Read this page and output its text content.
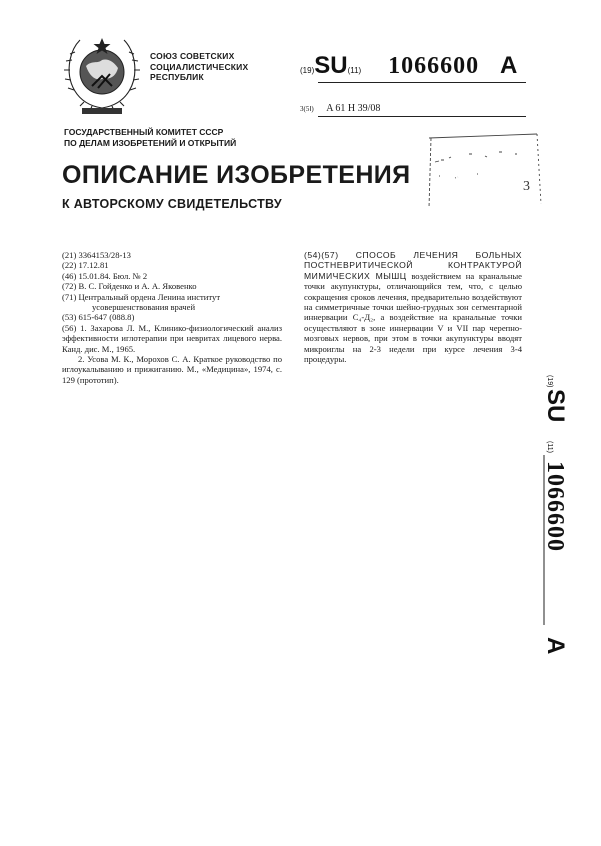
СОЮЗ СОВЕТСКИХ
СОЦИАЛИСТИЧЕСКИХ
РЕСПУБЛИК
(19)SU(11) 1066600 A
3(5Ⅰ) A 61 H 39/08
ГОСУДАРСТВЕННЫЙ КОМИТЕТ СССР
ПО ДЕЛАМ ИЗОБРЕТЕНИЙ И ОТКРЫТИЙ
3
ОПИСАНИЕ ИЗОБРЕТЕНИЯ
К АВТОРСКОМУ СВИДЕТЕЛЬСТВУ
(21) 3364153/28-13
(22) 17.12.81
(46) 15.01.84. Бюл. № 2
(72) В. С. Гойденко и А. А. Яковенко
(71) Центральный ордена Ленина институт
усовершенствования врачей
(53) 615-647 (088.8)
(56) 1. Захарова Л. М., Клинико-физиологический анализ эффективности иглотерапии при невритах лицевого нерва. Канд. дис. М., 1965.
2. Усова М. К., Морохов С. А. Краткое руководство по иглоукалыванию и прижиганию. М., «Медицина», 1974, с. 129 (прототип).
(54)(57) СПОСОБ ЛЕЧЕНИЯ БОЛЬНЫХ ПОСТНЕВРИТИЧЕСКОЙ КОНТРАКТУРОЙ МИМИЧЕСКИХ МЫШЦ воздействием на кранальные точки акупунктуры, отличающийся тем, что, с целью сокращения сроков лечения, предварительно воздействуют на симметричные точки шейно-грудных зон сегментарной иннервации С₄-Д₂, а воздействие на кранальные точки осуществляют в зоне иннервации V и VII пар черепно-мозговых нервов, при этом в точки акупунктуры вводят микроиглы на 2-3 недели при курсе лечения 3-4 процедуры.
(19)
SU
(11)
1066600
A
